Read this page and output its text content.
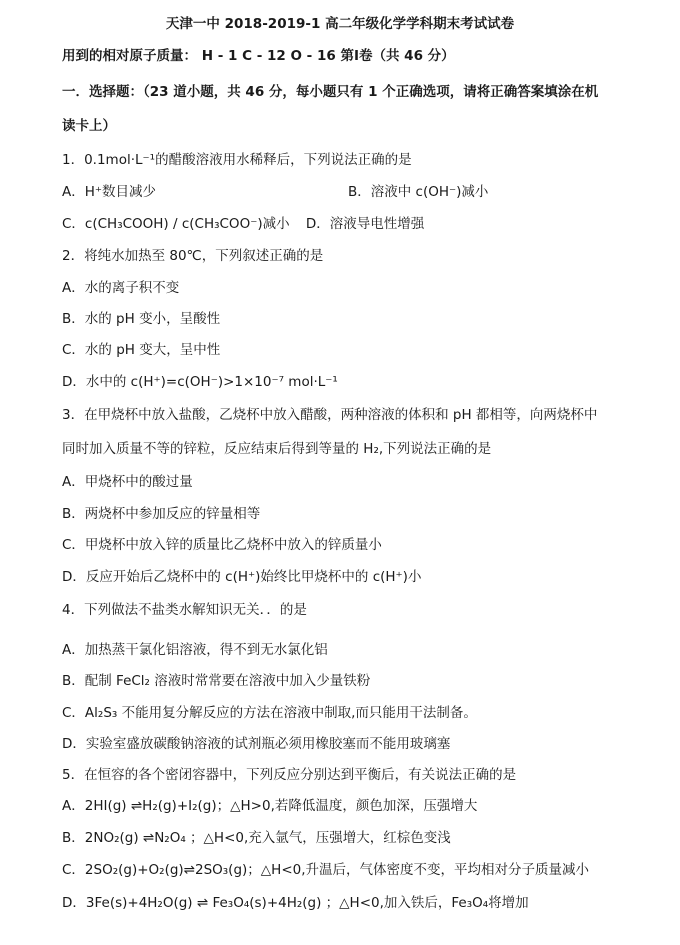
天津一中 2018-2019-1 高二年级化学学科期末考试试卷
用到的相对原子质量： H - 1 C - 12 O - 16 第Ⅰ卷（共 46 分）
一．选择题：（23 道小题，共 46 分，每小题只有 1 个正确选项，请将正确答案填涂在机
读卡上）
1．0.1mol·L⁻¹的醋酸溶液用水稀释后，下列说法正确的是
A．H⁺数目减少	B．溶液中 c(OH⁻)减小
C．c(CH₃COOH) / c(CH₃COO⁻)减小 D．溶液导电性增强
2．将纯水加热至 80℃，下列叙述正确的是
A．水的离子积不变
B．水的 pH 变小，呈酸性
C．水的 pH 变大，呈中性
D．水中的 c(H⁺)=c(OH⁻)>1×10⁻⁷ mol·L⁻¹
3．在甲烧杯中放入盐酸，乙烧杯中放入醋酸，两种溶液的体积和 pH 都相等，向两烧杯中
同时加入质量不等的锌粒，反应结束后得到等量的 H₂,下列说法正确的是
A．甲烧杯中的酸过量
B．两烧杯中参加反应的锌量相等
C．甲烧杯中放入锌的质量比乙烧杯中放入的锌质量小
D．反应开始后乙烧杯中的 c(H⁺)始终比甲烧杯中的 c(H⁺)小
4．下列做法不盐类水解知识无关．．的是
A．加热蒸干氯化铝溶液，得不到无水氯化铝
B．配制 FeCl₂ 溶液时常常要在溶液中加入少量铁粉
C．Al₂S₃ 不能用复分解反应的方法在溶液中制取,而只能用干法制备。
D．实验室盛放碳酸钠溶液的试剂瓶必须用橡胶塞而不能用玻璃塞
5．在恒容的各个密闭容器中，下列反应分别达到平衡后，有关说法正确的是
A．2HI(g) ⇌H₂(g)+I₂(g)；△H>0,若降低温度，颜色加深，压强增大
B．2NO₂(g) ⇌N₂O₄ ；△H<0,充入氩气，压强增大，红棕色变浅
C．2SO₂(g)+O₂(g)⇌2SO₃(g)；△H<0,升温后，气体密度不变，平均相对分子质量减小
D．3Fe(s)+4H₂O(g) ⇌ Fe₃O₄(s)+4H₂(g) ；△H<0,加入铁后，Fe₃O₄将增加
